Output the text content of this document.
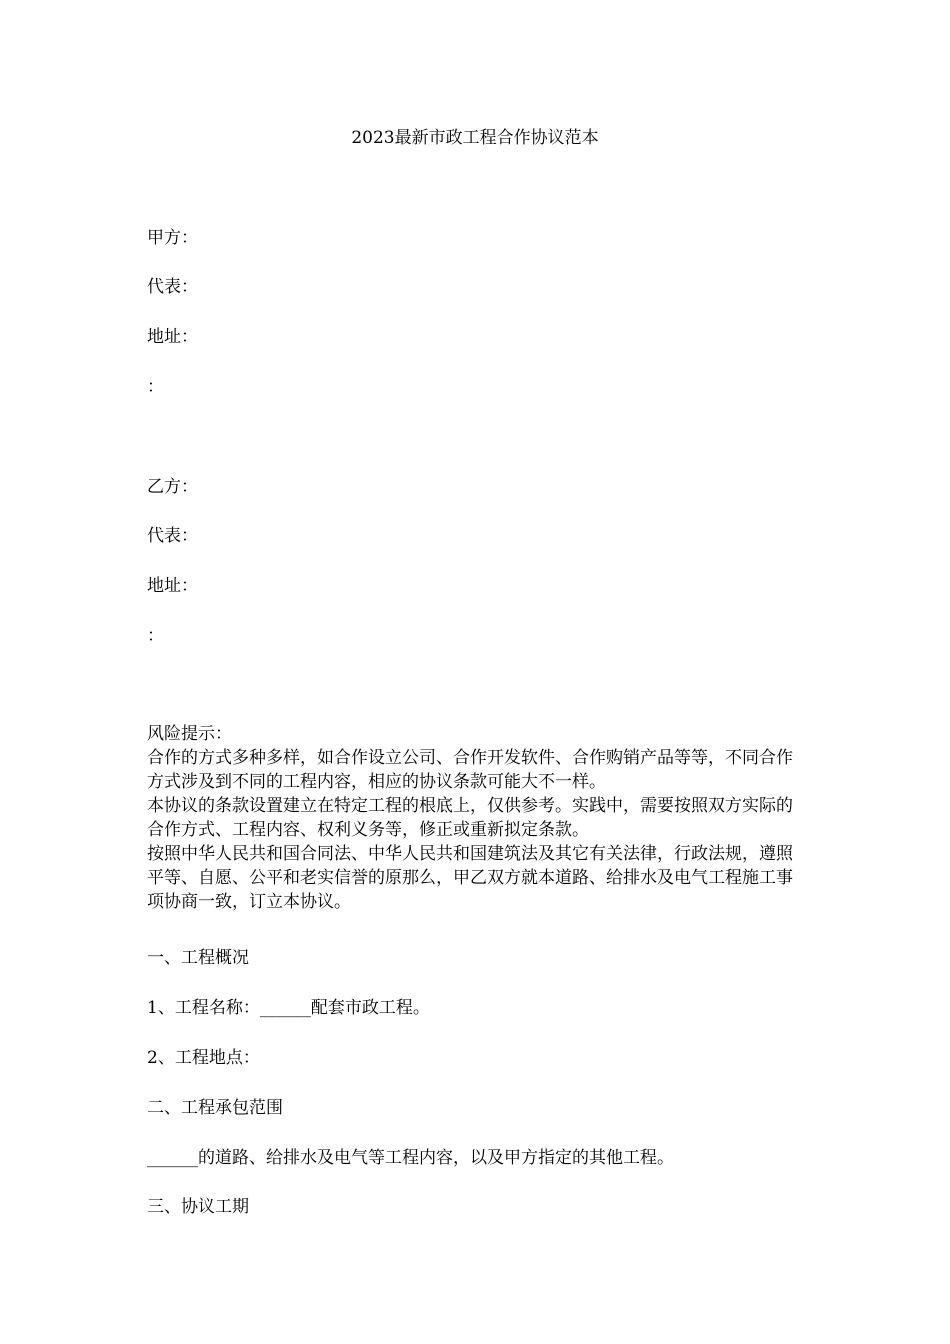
2023最新市政工程合作协议范本
甲方：
代表：
地址：
：
乙方：
代表：
地址：
：

风险提示：

合作的方式多种多样，如合作设立公司、合作开发软件、合作购销产品等等，不同合作方式涉及到不同的工程内容，相应的协议条款可能大不一样。

本协议的条款设置建立在特定工程的根底上，仅供参考。实践中，需要按照双方实际的合作方式、工程内容、权利义务等，修正或重新拟定条款。

按照中华人民共和国合同法、中华人民共和国建筑法及其它有关法律，行政法规，遵照平等、自愿、公平和老实信誉的原那么，甲乙双方就本道路、给排水及电气工程施工事项协商一致，订立本协议。

一、工程概况
1、工程名称：______配套市政工程。
2、工程地点：
二、工程承包范围
______的道路、给排水及电气等工程内容，以及甲方指定的其他工程。
三、协议工期
